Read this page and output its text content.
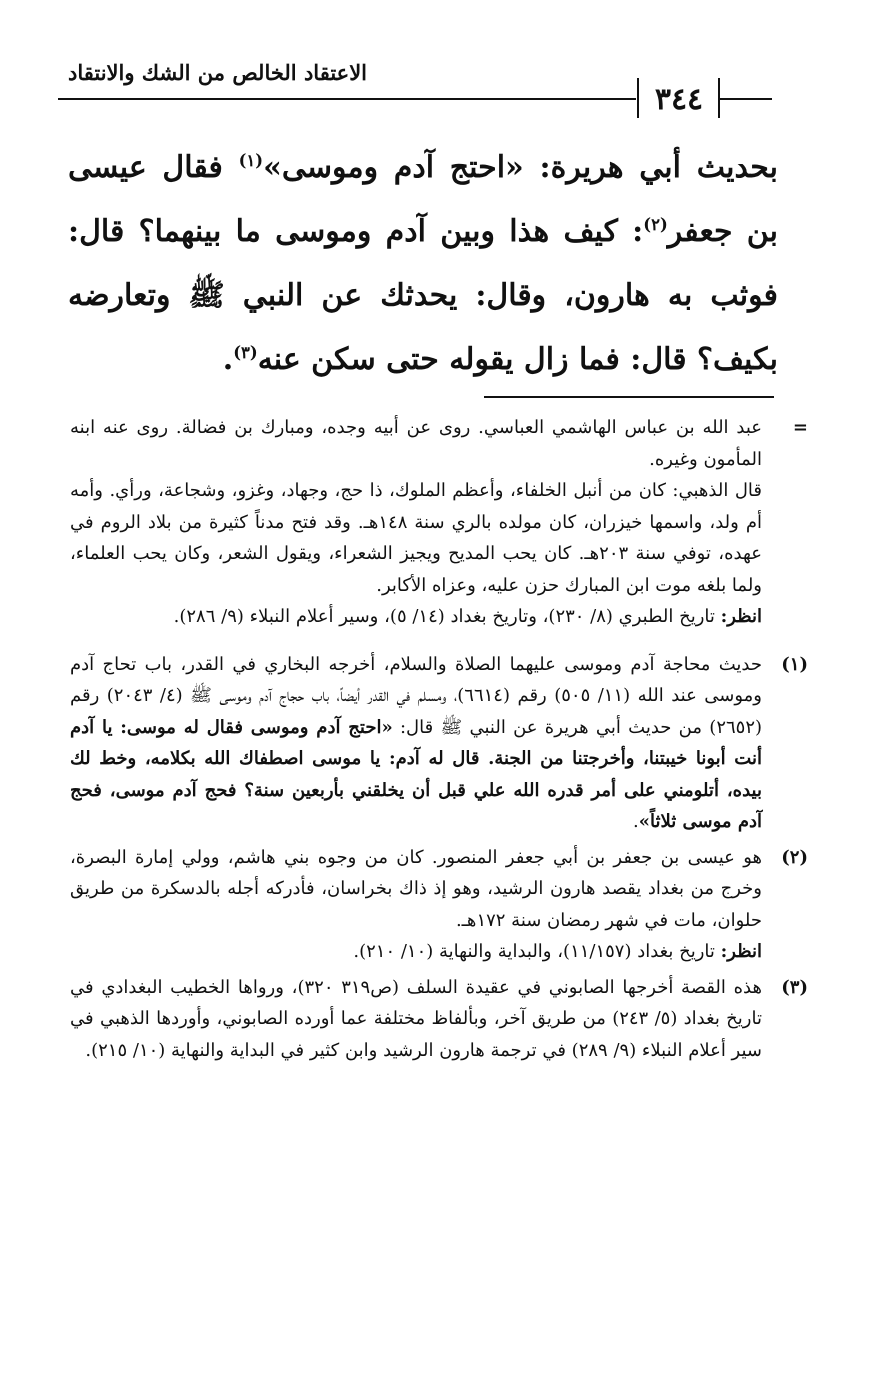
٣٤٤
الاعتقاد الخالص من الشك والانتقاد

بحديث أبي هريرة: «احتج آدم وموسى»$^{(١)}$ فقال عيسى بن جعفر$^{(٢)}$: كيف هذا وبين آدم وموسى ما بينهما؟ قال: فوثب به هارون، وقال: يحدثك عن النبي ﷺ وتعارضه بكيف؟ قال: فما زال يقوله حتى سكن عنه$^{(٣)}$.

=

عبد الله بن عباس الهاشمي العباسي. روى عن أبيه وجده، ومبارك بن فضالة. روى عنه ابنه المأمون وغيره.

قال الذهبي: كان من أنبل الخلفاء، وأعظم الملوك، ذا حج، وجهاد، وغزو، وشجاعة، ورأي. وأمه أم ولد، واسمها خيزران، كان مولده بالري سنة ١٤٨هـ. وقد فتح مدناً كثيرة من بلاد الروم في عهده، توفي سنة ٢٠٣هـ. كان يحب المديح ويجيز الشعراء، ويقول الشعر، وكان يحب العلماء، ولما بلغه موت ابن المبارك حزن عليه، وعزاه الأكابر.

انظر: تاريخ الطبري (٨/ ٢٣٠)، وتاريخ بغداد (١٤/ ٥)، وسير أعلام النبلاء (٩/ ٢٨٦).

(١)

حديث محاجة آدم وموسى عليهما الصلاة والسلام، أخرجه البخاري في القدر، باب تحاج آدم وموسى عند الله (١١/ ٥٠٥) رقم (٦٦١٤)، ومسلم في القدر أيضاً، باب حجاج آدم وموسى ﷺ (٤/ ٢٠٤٣) رقم (٢٦٥٢) من حديث أبي هريرة عن النبي ﷺ قال: «احتج آدم وموسى فقال له موسى: يا آدم أنت أبونا خيبتنا، وأخرجتنا من الجنة. قال له آدم: يا موسى اصطفاك الله بكلامه، وخط لك بيده، أتلومني على أمر قدره الله علي قبل أن يخلقني بأربعين سنة؟ فحج آدم موسى، فحج آدم موسى ثلاثاً».

(٢)

هو عيسى بن جعفر بن أبي جعفر المنصور. كان من وجوه بني هاشم، وولي إمارة البصرة، وخرج من بغداد يقصد هارون الرشيد، وهو إذ ذاك بخراسان، فأدركه أجله بالدسكرة من طريق حلوان، مات في شهر رمضان سنة ١٧٢هـ.

انظر: تاريخ بغداد (١١/١٥٧)، والبداية والنهاية (١٠/ ٢١٠).

(٣)

هذه القصة أخرجها الصابوني في عقيدة السلف (ص٣١٩ ٣٢٠)، ورواها الخطيب البغدادي في تاريخ بغداد (٥/ ٢٤٣) من طريق آخر، وبألفاظ مختلفة عما أورده الصابوني، وأوردها الذهبي في سير أعلام النبلاء (٩/ ٢٨٩) في ترجمة هارون الرشيد وابن كثير في البداية والنهاية (١٠/ ٢١٥).
